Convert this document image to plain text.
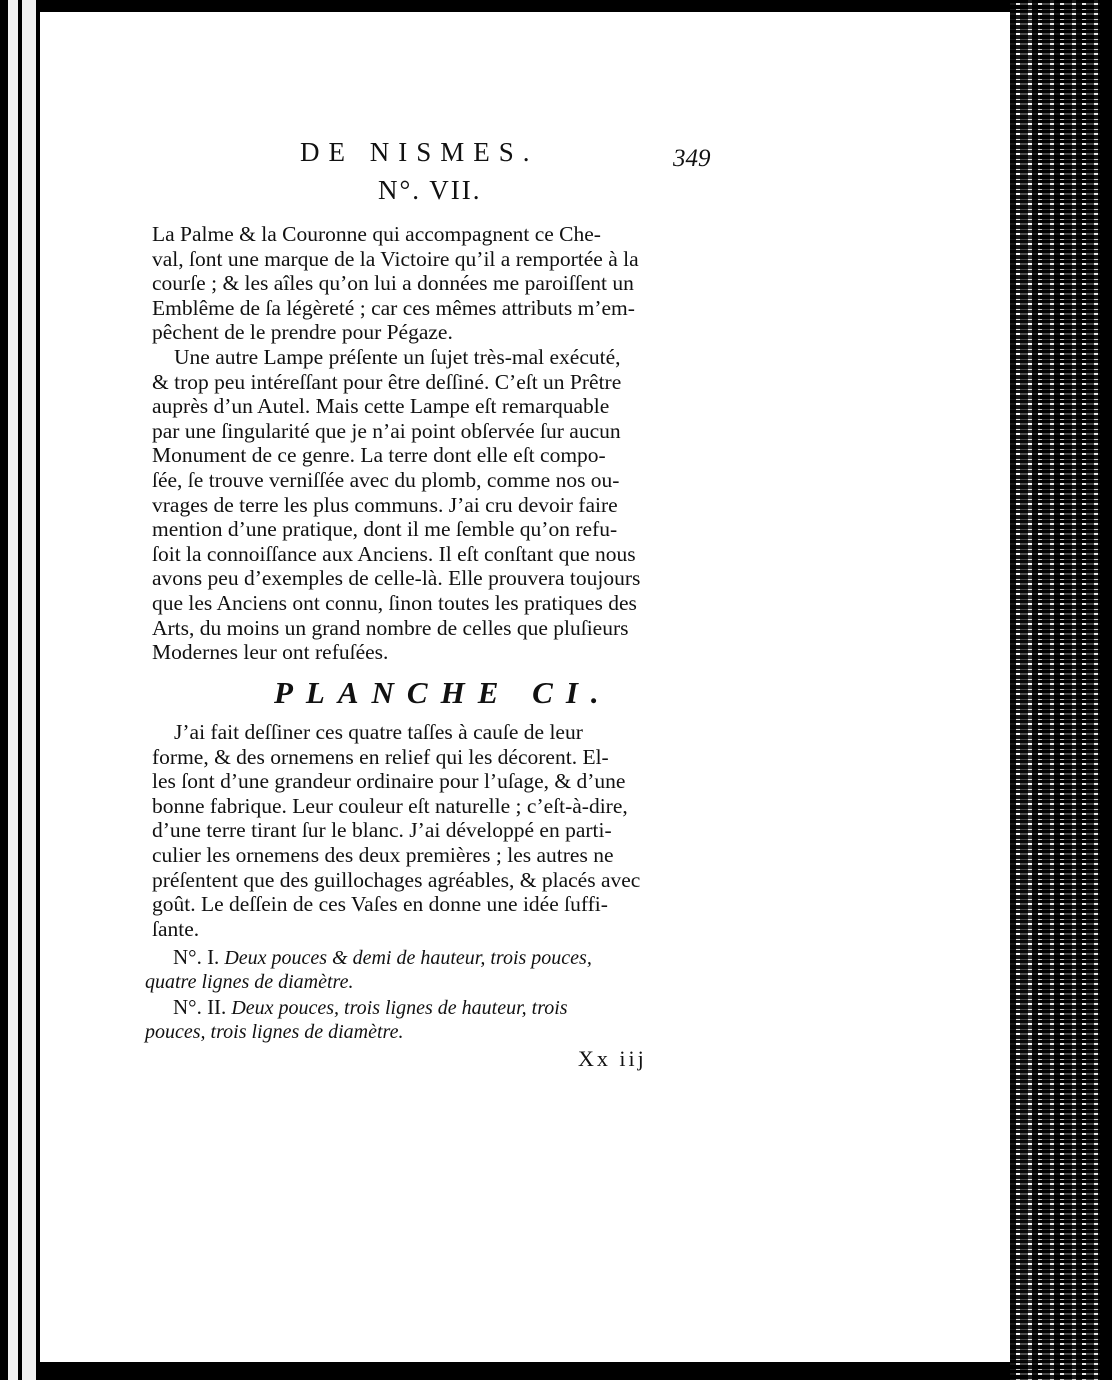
DE NISMES.	349
N°. VII.

La Palme & la Couronne qui accompagnent ce Che-

val, ſont une marque de la Victoire qu’il a remportée à la

courſe ; & les aîles qu’on lui a données me paroiſſent un

Emblême de ſa légèreté ; car ces mêmes attributs m’em-

pêchent de le prendre pour Pégaze.

Une autre Lampe préſente un ſujet très-mal exécuté,

& trop peu intéreſſant pour être deſſiné. C’eſt un Prêtre

auprès d’un Autel. Mais cette Lampe eſt remarquable

par une ſingularité que je n’ai point obſervée ſur aucun

Monument de ce genre. La terre dont elle eſt compo-

ſée, ſe trouve verniſſée avec du plomb, comme nos ou-

vrages de terre les plus communs. J’ai cru devoir faire

mention d’une pratique, dont il me ſemble qu’on refu-

ſoit la connoiſſance aux Anciens. Il eſt conſtant que nous

avons peu d’exemples de celle-là. Elle prouvera toujours

que les Anciens ont connu, ſinon toutes les pratiques des

Arts, du moins un grand nombre de celles que pluſieurs

Modernes leur ont refuſées.

PLANCHE CI.

J’ai fait deſſiner ces quatre taſſes à cauſe de leur

forme, & des ornemens en relief qui les décorent. El-

les ſont d’une grandeur ordinaire pour l’uſage, & d’une

bonne fabrique. Leur couleur eſt naturelle ; c’eſt-à-dire,

d’une terre tirant ſur le blanc. J’ai développé en parti-

culier les ornemens des deux premières ; les autres ne

préſentent que des guillochages agréables, & placés avec

goût. Le deſſein de ces Vaſes en donne une idée ſuffi-

ſante.

N°. I. Deux pouces & demi de hauteur, trois pouces,
quatre lignes de diamètre.
N°. II. Deux pouces, trois lignes de hauteur, trois
pouces, trois lignes de diamètre.
Xx iij
